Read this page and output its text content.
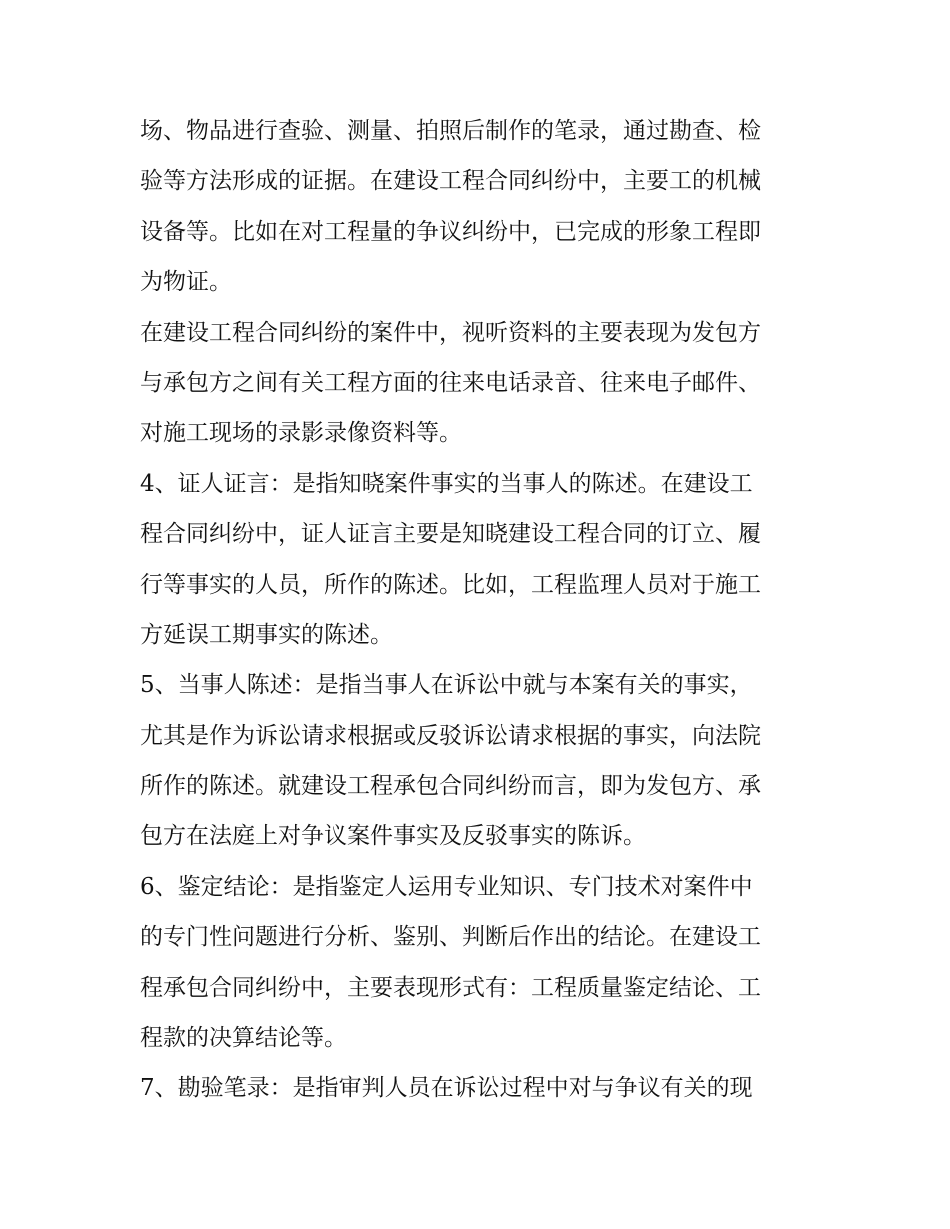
场、物品进行查验、测量、拍照后制作的笔录，通过勘查、检
验等方法形成的证据。在建设工程合同纠纷中，主要工的机械
设备等。比如在对工程量的争议纠纷中，已完成的形象工程即
为物证。
在建设工程合同纠纷的案件中，视听资料的主要表现为发包方
与承包方之间有关工程方面的往来电话录音、往来电子邮件、
对施工现场的录影录像资料等。
4、证人证言：是指知晓案件事实的当事人的陈述。在建设工
程合同纠纷中，证人证言主要是知晓建设工程合同的订立、履
行等事实的人员，所作的陈述。比如，工程监理人员对于施工
方延误工期事实的陈述。
5、当事人陈述：是指当事人在诉讼中就与本案有关的事实，
尤其是作为诉讼请求根据或反驳诉讼请求根据的事实，向法院
所作的陈述。就建设工程承包合同纠纷而言，即为发包方、承
包方在法庭上对争议案件事实及反驳事实的陈诉。
6、鉴定结论：是指鉴定人运用专业知识、专门技术对案件中
的专门性问题进行分析、鉴别、判断后作出的结论。在建设工
程承包合同纠纷中，主要表现形式有：工程质量鉴定结论、工
程款的决算结论等。
7、勘验笔录：是指审判人员在诉讼过程中对与争议有关的现
